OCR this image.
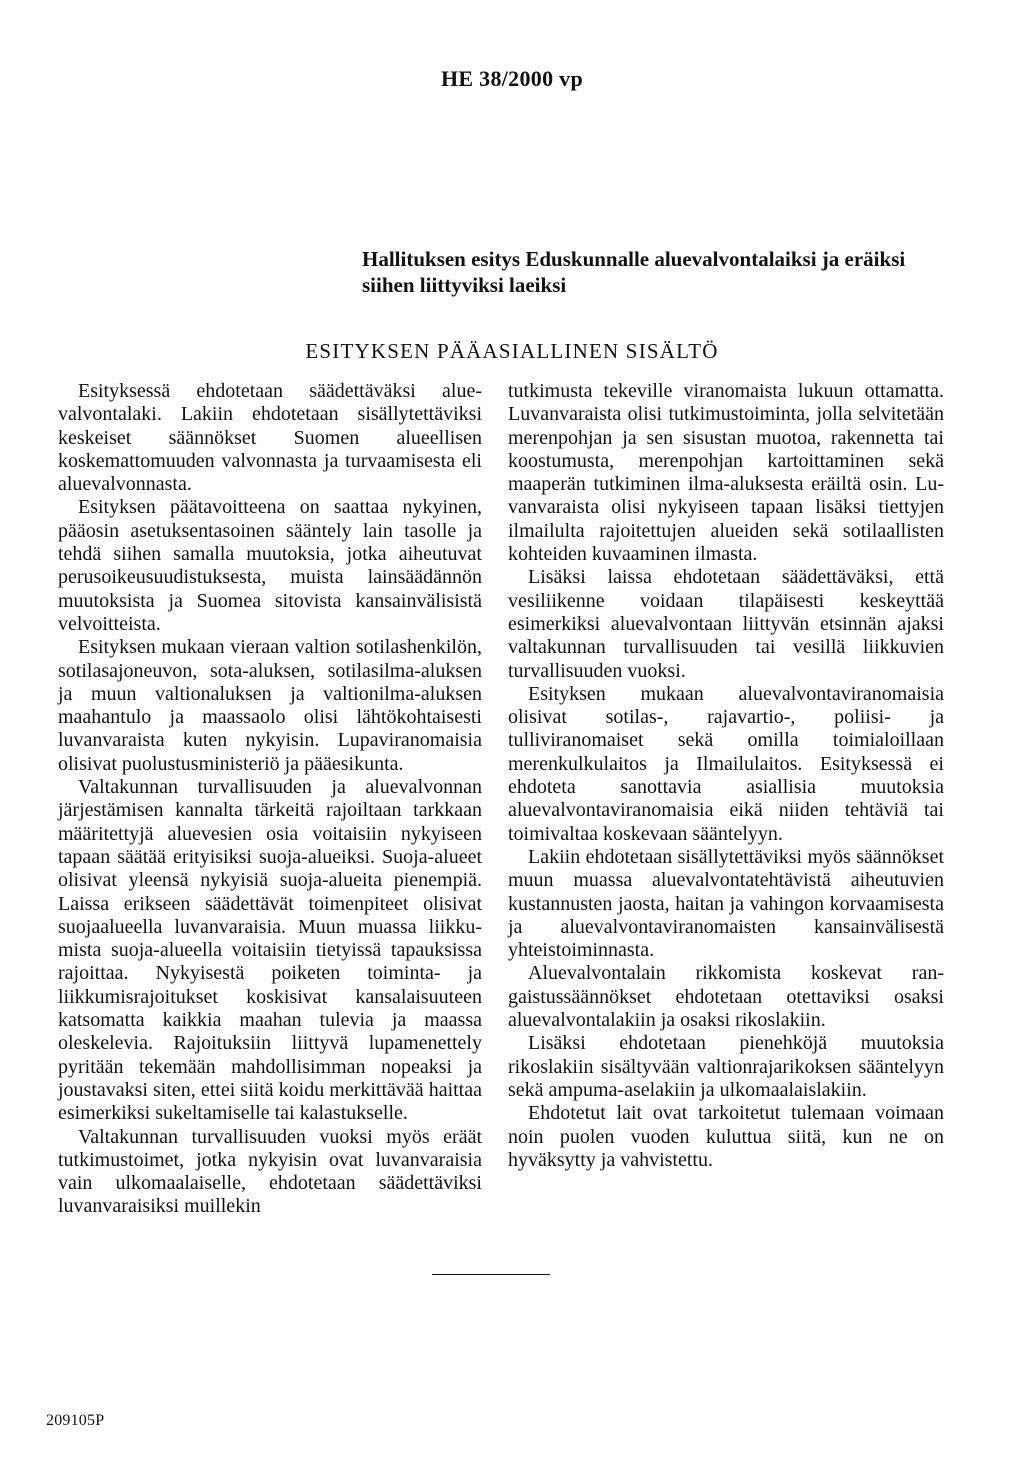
HE 38/2000 vp
Hallituksen esitys Eduskunnalle aluevalvontalaiksi ja eräiksi siihen liittyviksi laeiksi
ESITYKSEN PÄÄASIALLINEN SISÄLTÖ

Esityksessä ehdotetaan säädettäväksi aluevalvontalaki. Lakiin ehdotetaan sisällytettäviksi keskeiset säännökset Suomen alueellisen koskemattomuuden valvonnasta ja turvaamisesta eli aluevalvonnasta.

Esityksen päätavoitteena on saattaa nykyinen, pääosin asetuksentasoinen sääntely lain tasolle ja tehdä siihen samalla muutoksia, jotka aiheutuvat perusoikeusuudistuksesta, muista lainsäädännön muutoksista ja Suomea sitovista kansainvälisistä velvoitteista.

Esityksen mukaan vieraan valtion sotilashenkilön, sotilasajoneuvon, sota-aluksen, sotilasilma-aluksen ja muun valtionaluksen ja valtionilma-aluksen maahantulo ja maassaolo olisi lähtökohtaisesti luvanvaraista kuten nykyisin. Lupaviranomaisia olisivat puolustusministeriö ja pääesikunta.

Valtakunnan turvallisuuden ja aluevalvonnan järjestämisen kannalta tärkeitä rajoiltaan tarkkaan määritettyjä aluevesien osia voitaisiin nykyiseen tapaan säätää erityisiksi suoja-alueiksi. Suoja-alueet olisivat yleensä nykyisiä suoja-alueita pienempiä. Laissa erikseen säädettävät toimenpiteet olisivat suojaalueella luvanvaraisia. Muun muassa liikkumista suoja-alueella voitaisiin tietyissä tapauksissa rajoittaa. Nykyisestä poiketen toiminta- ja liikkumisrajoitukset koskisivat kansalaisuuteen katsomatta kaikkia maahan tulevia ja maassa oleskelevia. Rajoituksiin liittyvä lupamenettely pyritään tekemään mahdollisimman nopeaksi ja joustavaksi siten, ettei siitä koidu merkittävää haittaa esimerkiksi sukeltamiselle tai kalastukselle.

Valtakunnan turvallisuuden vuoksi myös eräät tutkimustoimet, jotka nykyisin ovat luvanvaraisia vain ulkomaalaiselle, ehdotetaan säädettäviksi luvanvaraisiksi muillekin

tutkimusta tekeville viranomaista lukuun ottamatta. Luvanvaraista olisi tutkimustoiminta, jolla selvitetään merenpohjan ja sen sisustan muotoa, rakennetta tai koostumusta, merenpohjan kartoittaminen sekä maaperän tutkiminen ilma-aluksesta eräiltä osin. Luvanvaraista olisi nykyiseen tapaan lisäksi tiettyjen ilmailulta rajoitettujen alueiden sekä sotilaallisten kohteiden kuvaaminen ilmasta.

Lisäksi laissa ehdotetaan säädettäväksi, että vesiliikenne voidaan tilapäisesti keskeyttää esimerkiksi aluevalvontaan liittyvän etsinnän ajaksi valtakunnan turvallisuuden tai vesillä liikkuvien turvallisuuden vuoksi.

Esityksen mukaan aluevalvontaviranomaisia olisivat sotilas-, rajavartio-, poliisi- ja tulliviranomaiset sekä omilla toimialoillaan merenkulkulaitos ja Ilmailulaitos. Esityksessä ei ehdoteta sanottavia asiallisia muutoksia aluevalvontaviranomaisia eikä niiden tehtäviä tai toimivaltaa koskevaan sääntelyyn.

Lakiin ehdotetaan sisällytettäviksi myös säännökset muun muassa aluevalvontatehtävistä aiheutuvien kustannusten jaosta, haitan ja vahingon korvaamisesta ja aluevalvontaviranomaisten kansainvälisestä yhteistoiminnasta.

Aluevalvontalain rikkomista koskevat rangaistussäännökset ehdotetaan otettaviksi osaksi aluevalvontalakiin ja osaksi rikoslakiin.

Lisäksi ehdotetaan pienehköjä muutoksia rikoslakiin sisältyvään valtionrajarikoksen sääntelyyn sekä ampuma-aselakiin ja ulkomaalaislakiin.

Ehdotetut lait ovat tarkoitetut tulemaan voimaan noin puolen vuoden kuluttua siitä, kun ne on hyväksytty ja vahvistettu.

209105P
